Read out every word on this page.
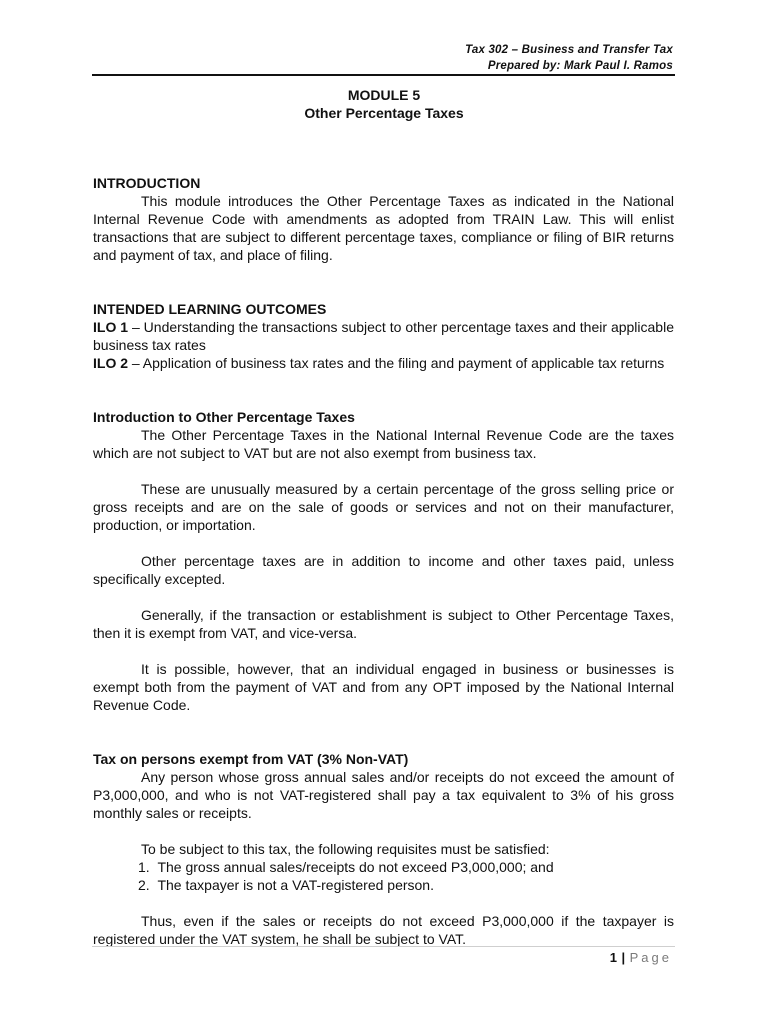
Tax 302 – Business and Transfer Tax
Prepared by: Mark Paul I. Ramos
MODULE 5
Other Percentage Taxes
INTRODUCTION

This module introduces the Other Percentage Taxes as indicated in the National Internal Revenue Code with amendments as adopted from TRAIN Law. This will enlist transactions that are subject to different percentage taxes, compliance or filing of BIR returns and payment of tax, and place of filing.

INTENDED LEARNING OUTCOMES

ILO 1 – Understanding the transactions subject to other percentage taxes and their applicable business tax rates

ILO 2 – Application of business tax rates and the filing and payment of applicable tax returns

Introduction to Other Percentage Taxes

The Other Percentage Taxes in the National Internal Revenue Code are the taxes which are not subject to VAT but are not also exempt from business tax.

These are unusually measured by a certain percentage of the gross selling price or gross receipts and are on the sale of goods or services and not on their manufacturer, production, or importation.

Other percentage taxes are in addition to income and other taxes paid, unless specifically excepted.

Generally, if the transaction or establishment is subject to Other Percentage Taxes, then it is exempt from VAT, and vice-versa.

It is possible, however, that an individual engaged in business or businesses is exempt both from the payment of VAT and from any OPT imposed by the National Internal Revenue Code.

Tax on persons exempt from VAT (3% Non-VAT)

Any person whose gross annual sales and/or receipts do not exceed the amount of P3,000,000, and who is not VAT-registered shall pay a tax equivalent to 3% of his gross monthly sales or receipts.

To be subject to this tax, the following requisites must be satisfied:

1. The gross annual sales/receipts do not exceed P3,000,000; and
2. The taxpayer is not a VAT-registered person.

Thus, even if the sales or receipts do not exceed P3,000,000 if the taxpayer is registered under the VAT system, he shall be subject to VAT.

1 | Page
